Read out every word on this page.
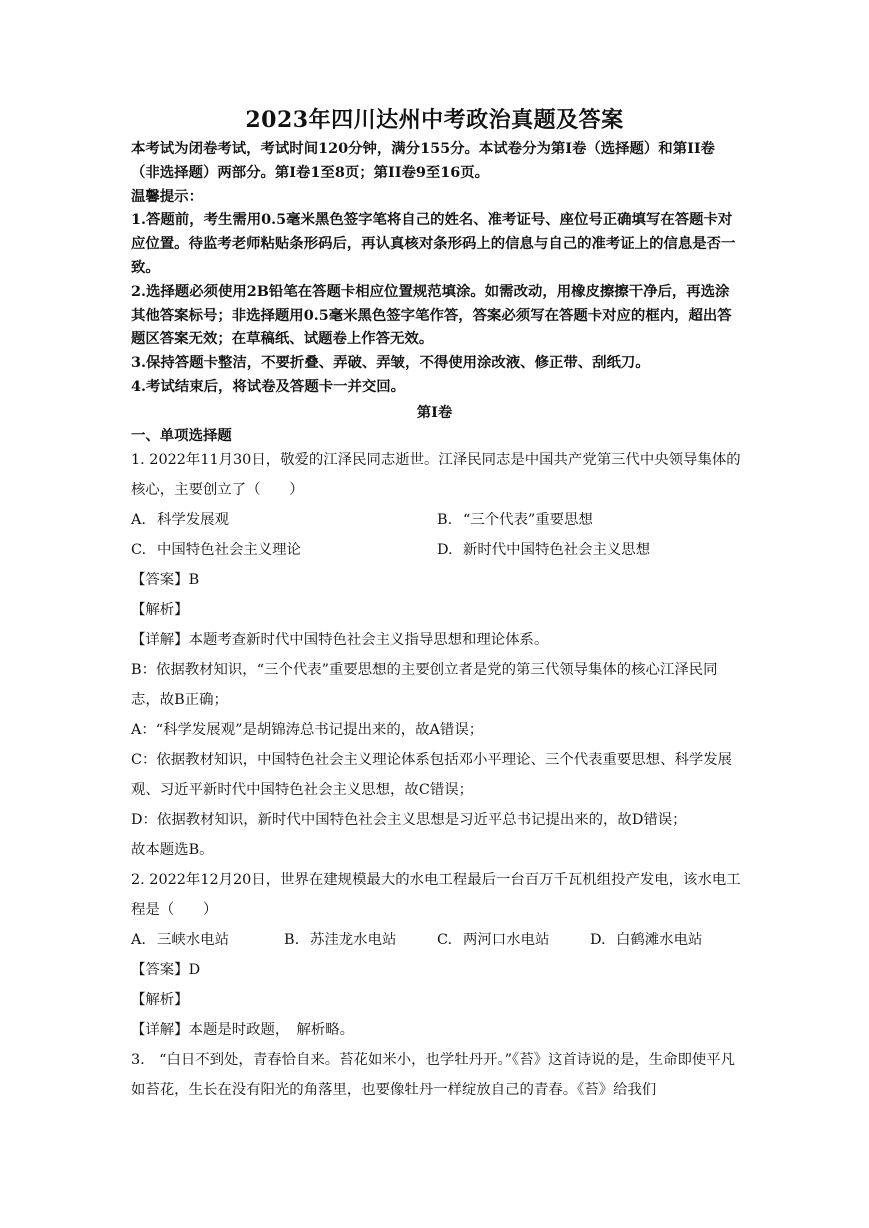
2023年四川达州中考政治真题及答案

本考试为闭卷考试，考试时间120分钟，满分155分。本试卷分为第Ⅰ卷（选择题）和第II卷（非选择题）两部分。第Ⅰ卷1至8页；第II卷9至16页。

温馨提示：

1.答题前，考生需用0.5毫米黑色签字笔将自己的姓名、准考证号、座位号正确填写在答题卡对应位置。待监考老师粘贴条形码后，再认真核对条形码上的信息与自己的准考证上的信息是否一致。

2.选择题必须使用2B铅笔在答题卡相应位置规范填涂。如需改动，用橡皮擦擦干净后，再选涂其他答案标号；非选择题用0.5毫米黑色签字笔作答，答案必须写在答题卡对应的框内，超出答题区答案无效；在草稿纸、试题卷上作答无效。

3.保持答题卡整洁，不要折叠、弄破、弄皱，不得使用涂改液、修正带、刮纸刀。

4.考试结束后，将试卷及答题卡一并交回。

第Ⅰ卷
一、单项选择题

1. 2022年11月30日，敬爱的江泽民同志逝世。江泽民同志是中国共产党第三代中央领导集体的核心，主要创立了（　　）

A. 科学发展观	B. “三个代表”重要思想
C. 中国特色社会主义理论	D. 新时代中国特色社会主义思想

【答案】B

【解析】

【详解】本题考查新时代中国特色社会主义指导思想和理论体系。

B：依据教材知识，“三个代表”重要思想的主要创立者是党的第三代领导集体的核心江泽民同志，故B正确；

A：“科学发展观”是胡锦涛总书记提出来的，故A错误；

C：依据教材知识，中国特色社会主义理论体系包括邓小平理论、三个代表重要思想、科学发展观、习近平新时代中国特色社会主义思想，故C错误；

D：依据教材知识，新时代中国特色社会主义思想是习近平总书记提出来的，故D错误；

故本题选B。

2. 2022年12月20日，世界在建规模最大的水电工程最后一台百万千瓦机组投产发电，该水电工程是（　　）

A. 三峡水电站	B. 苏洼龙水电站	C. 两河口水电站	D. 白鹤滩水电站

【答案】D

【解析】

【详解】本题是时政题，　解析略。

3.　“白日不到处，青春恰自来。苔花如米小，也学牡丹开。”《苔》这首诗说的是，生命即使平凡如苔花，生长在没有阳光的角落里，也要像牡丹一样绽放自己的青春。《苔》给我们
